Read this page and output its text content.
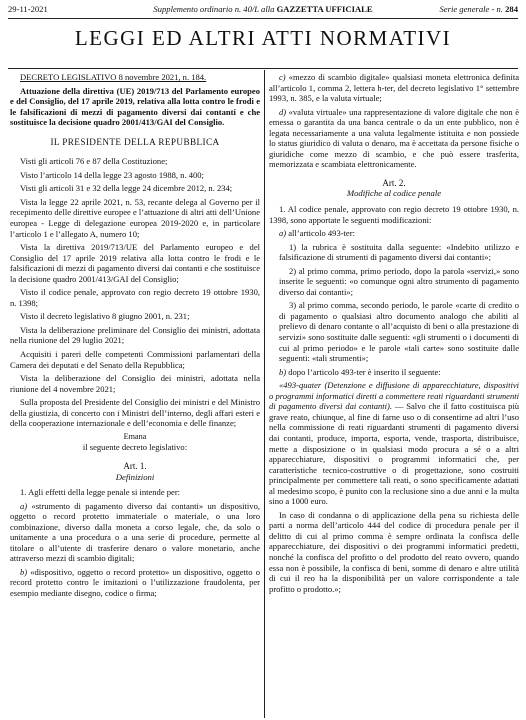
29-11-2021	Supplemento ordinario n. 40/L alla GAZZETTA UFFICIALE	Serie generale - n. 284
LEGGI ED ALTRI ATTI NORMATIVI

DECRETO LEGISLATIVO 8 novembre 2021, n. 184.

Attuazione della direttiva (UE) 2019/713 del Parlamento europeo e del Consiglio, del 17 aprile 2019, relativa alla lotta contro le frodi e le falsificazioni di mezzi di pagamento diversi dai contanti e che sostituisce la decisione quadro 2001/413/GAI del Consiglio.

IL PRESIDENTE DELLA REPUBBLICA

Visti gli articoli 76 e 87 della Costituzione;

Visto l’articolo 14 della legge 23 agosto 1988, n. 400;

Visti gli articoli 31 e 32 della legge 24 dicembre 2012, n. 234;

Vista la legge 22 aprile 2021, n. 53, recante delega al Governo per il recepimento delle direttive europee e l’attuazione di altri atti dell’Unione europea - Legge di delegazione europea 2019-2020 e, in particolare l’articolo 1 e l’allegato A, numero 10;

Vista la direttiva 2019/713/UE del Parlamento europeo e del Consiglio del 17 aprile 2019 relativa alla lotta contro le frodi e le falsificazioni di mezzi di pagamento diversi dai contanti e che sostituisce la decisione quadro 2001/413/GAI del Consiglio;

Visto il codice penale, approvato con regio decreto 19 ottobre 1930, n. 1398;

Visto il decreto legislativo 8 giugno 2001, n. 231;

Vista la deliberazione preliminare del Consiglio dei ministri, adottata nella riunione del 29 luglio 2021;

Acquisiti i pareri delle competenti Commissioni parlamentari della Camera dei deputati e del Senato della Repubblica;

Vista la deliberazione del Consiglio dei ministri, adottata nella riunione del 4 novembre 2021;

Sulla proposta del Presidente del Consiglio dei ministri e del Ministro della giustizia, di concerto con i Ministri dell’interno, degli affari esteri e della cooperazione internazionale e dell’economia e delle finanze;

Emana

il seguente decreto legislativo:

Art. 1.

Definizioni

1. Agli effetti della legge penale si intende per:

a) «strumento di pagamento diverso dai contanti» un dispositivo, oggetto o record protetto immateriale o materiale, o una loro combinazione, diverso dalla moneta a corso legale, che, da solo o unitamente a una procedura o a una serie di procedure, permette al titolare o all’utente di trasferire denaro o valore monetario, anche attraverso mezzi di scambio digitali;

b) «dispositivo, oggetto o record protetto» un dispositivo, oggetto o record protetto contro le imitazioni o l’utilizzazione fraudolenta, per esempio mediante disegno, codice o firma;

c) «mezzo di scambio digitale» qualsiasi moneta elettronica definita all’articolo 1, comma 2, lettera h-ter, del decreto legislativo 1° settembre 1993, n. 385, e la valuta virtuale;

d) «valuta virtuale» una rappresentazione di valore digitale che non è emessa o garantita da una banca centrale o da un ente pubblico, non è legata necessariamente a una valuta legalmente istituita e non possiede lo status giuridico di valuta o denaro, ma è accettata da persone fisiche o giuridiche come mezzo di scambio, e che può essere trasferita, memorizzata e scambiata elettronicamente.

Art. 2.

Modifiche al codice penale

1. Al codice penale, approvato con regio decreto 19 ottobre 1930, n. 1398, sono apportate le seguenti modificazioni:

a) all’articolo 493-ter:

1) la rubrica è sostituita dalla seguente: «Indebito utilizzo e falsificazione di strumenti di pagamento diversi dai contanti»;

2) al primo comma, primo periodo, dopo la parola «servizi,» sono inserite le seguenti: «o comunque ogni altro strumento di pagamento diverso dai contanti»;

3) al primo comma, secondo periodo, le parole «carte di credito o di pagamento o qualsiasi altro documento analogo che abiliti al prelievo di denaro contante o all’acquisto di beni o alla prestazione di servizi» sono sostituite dalle seguenti: «gli strumenti o i documenti di cui al primo periodo» e le parole «tali carte» sono sostituite dalle seguenti: «tali strumenti»;

b) dopo l’articolo 493-ter è inserito il seguente:

«493-quater (Detenzione e diffusione di apparecchiature, dispositivi o programmi informatici diretti a commettere reati riguardanti strumenti di pagamento diversi dai contanti). — Salvo che il fatto costituisca più grave reato, chiunque, al fine di farne uso o di consentirne ad altri l’uso nella commissione di reati riguardanti strumenti di pagamento diversi dai contanti, produce, importa, esporta, vende, trasporta, distribuisce, mette a disposizione o in qualsiasi modo procura a sé o a altri apparecchiature, dispositivi o programmi informatici che, per caratteristiche tecnico-costruttive o di progettazione, sono costruiti principalmente per commettere tali reati, o sono specificamente adattati al medesimo scopo, è punito con la reclusione sino a due anni e la multa sino a 1000 euro.

In caso di condanna o di applicazione della pena su richiesta delle parti a norma dell’articolo 444 del codice di procedura penale per il delitto di cui al primo comma è sempre ordinata la confisca delle apparecchiature, dei dispositivi o dei programmi informatici predetti, nonché la confisca del profitto o del prodotto del reato ovvero, quando essa non è possibile, la confisca di beni, somme di denaro e altre utilità di cui il reo ha la disponibilità per un valore corrispondente a tale profitto o prodotto.»;
